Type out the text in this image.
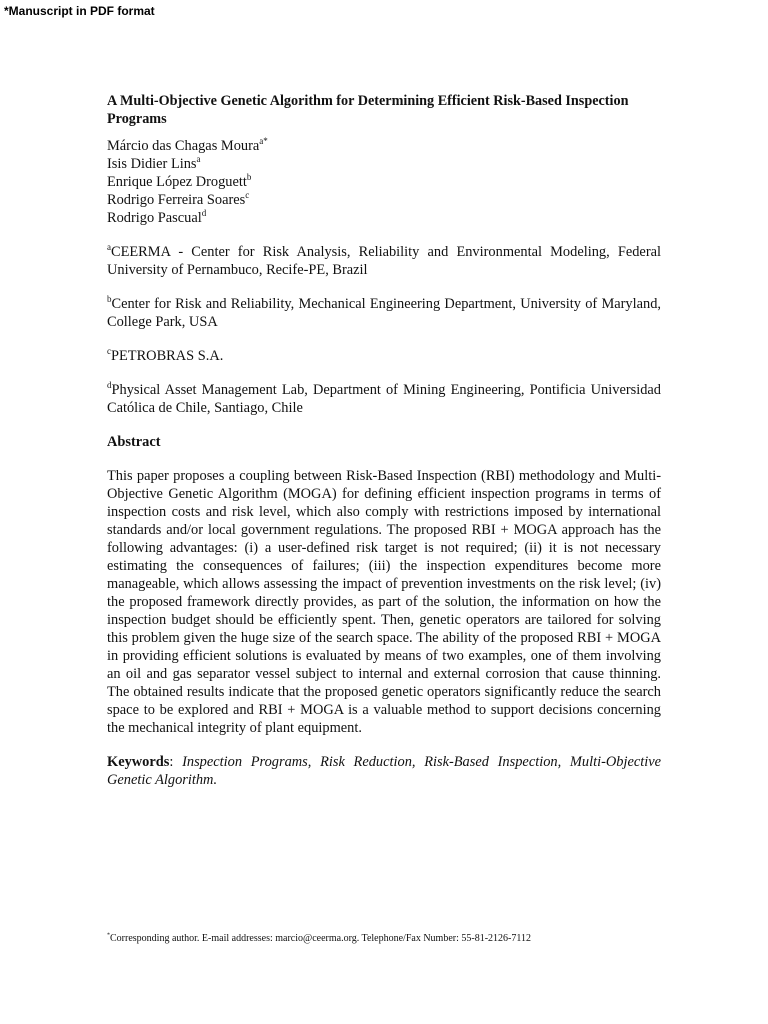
*Manuscript in PDF format
A Multi-Objective Genetic Algorithm for Determining Efficient Risk-Based Inspection Programs
Márcio das Chagas Moura$^{a*}$
Isis Didier Lins$^a$
Enrique López Droguett$^b$
Rodrigo Ferreira Soares$^c$
Rodrigo Pascual$^d$

$^a$CEERMA - Center for Risk Analysis, Reliability and Environmental Modeling, Federal University of Pernambuco, Recife-PE, Brazil

$^b$Center for Risk and Reliability, Mechanical Engineering Department, University of Maryland, College Park, USA

$^c$PETROBRAS S.A.

$^d$Physical Asset Management Lab, Department of Mining Engineering, Pontificia Universidad Católica de Chile, Santiago, Chile

Abstract

This paper proposes a coupling between Risk-Based Inspection (RBI) methodology and Multi-Objective Genetic Algorithm (MOGA) for defining efficient inspection programs in terms of inspection costs and risk level, which also comply with restrictions imposed by international standards and/or local government regulations. The proposed RBI + MOGA approach has the following advantages: (i) a user-defined risk target is not required; (ii) it is not necessary estimating the consequences of failures; (iii) the inspection expenditures become more manageable, which allows assessing the impact of prevention investments on the risk level; (iv) the proposed framework directly provides, as part of the solution, the information on how the inspection budget should be efficiently spent. Then, genetic operators are tailored for solving this problem given the huge size of the search space. The ability of the proposed RBI + MOGA in providing efficient solutions is evaluated by means of two examples, one of them involving an oil and gas separator vessel subject to internal and external corrosion that cause thinning. The obtained results indicate that the proposed genetic operators significantly reduce the search space to be explored and RBI + MOGA is a valuable method to support decisions concerning the mechanical integrity of plant equipment.

Keywords: Inspection Programs, Risk Reduction, Risk-Based Inspection, Multi-Objective Genetic Algorithm.

*Corresponding author. E-mail addresses: marcio@ceerma.org. Telephone/Fax Number: 55-81-2126-7112
